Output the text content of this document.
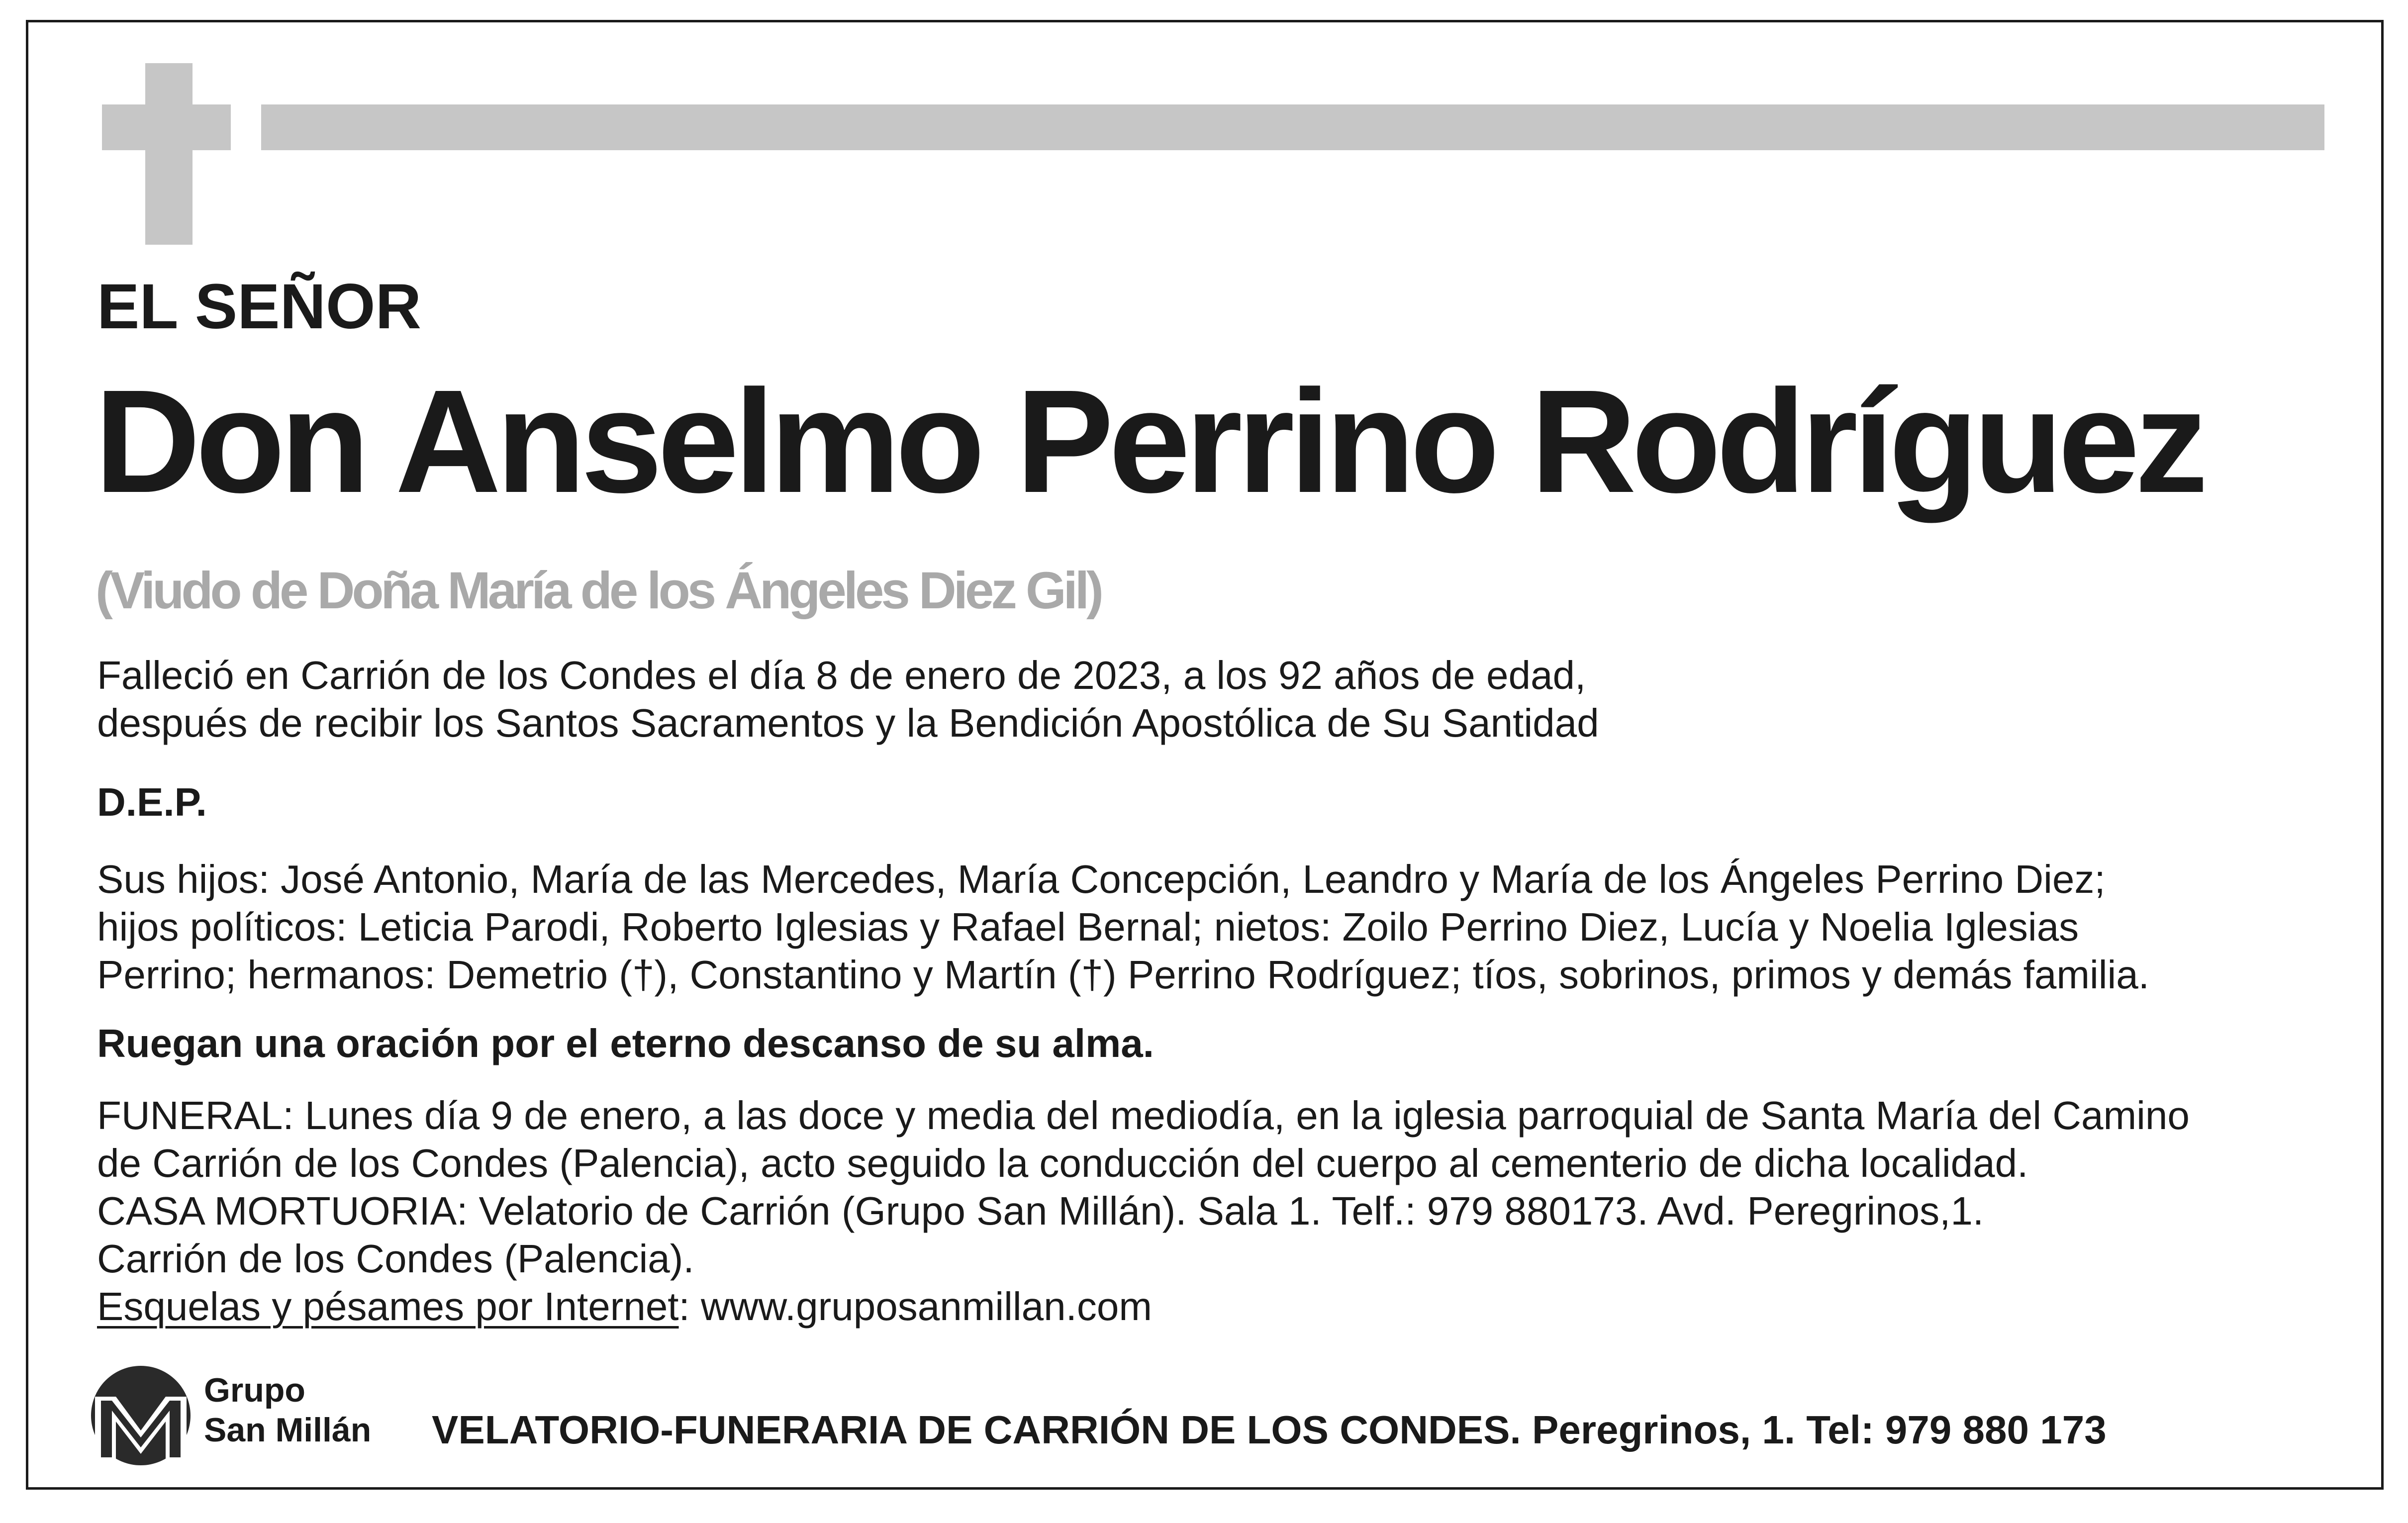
EL SEÑOR
Don Anselmo Perrino Rodríguez
(Viudo de Doña María de los Ángeles Diez Gil)
Falleció en Carrión de los Condes el día 8 de enero de 2023, a los 92 años de edad,
después de recibir los Santos Sacramentos y la Bendición Apostólica de Su Santidad
D.E.P.
Sus hijos: José Antonio, María de las Mercedes, María Concepción, Leandro y María de los Ángeles Perrino Diez;
hijos políticos: Leticia Parodi, Roberto Iglesias y Rafael Bernal; nietos: Zoilo Perrino Diez, Lucía y Noelia Iglesias
Perrino; hermanos: Demetrio (†), Constantino y Martín (†) Perrino Rodríguez; tíos, sobrinos, primos y demás familia.
Ruegan una oración por el eterno descanso de su alma.
FUNERAL: Lunes día 9 de enero, a las doce y media del mediodía, en la iglesia parroquial de Santa María del Camino
de Carrión de los Condes (Palencia), acto seguido la conducción del cuerpo al cementerio de dicha localidad.
CASA MORTUORIA: Velatorio de Carrión (Grupo San Millán). Sala 1. Telf.: 979 880173. Avd. Peregrinos,1.
Carrión de los Condes (Palencia).
Esquelas y pésames por Internet: www.gruposanmillan.com
Grupo
San Millán VELATORIO-FUNERARIA DE CARRIÓN DE LOS CONDES. Peregrinos, 1. Tel: 979 880 173
